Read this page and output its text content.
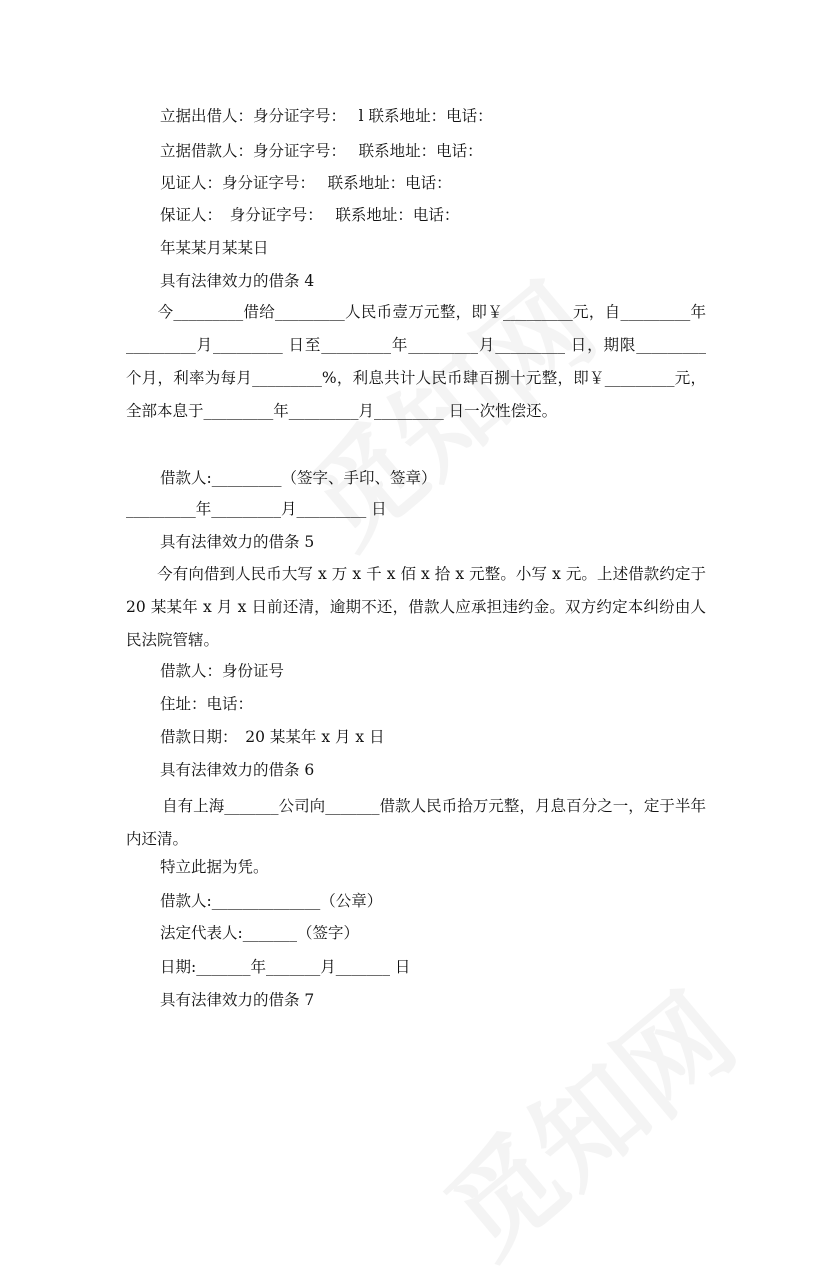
立据出借人：身分证字号：　 l 联系地址：电话：
立据借款人：身分证字号：　 联系地址：电话：
见证人：身分证字号：　 联系地址：电话：
保证人：　身分证字号：　 联系地址：电话：
年某某月某某日
具有法律效力的借条 4
　　今_________借给_________人民币壹万元整，即￥_________元，自_________年_________月_________ 日至_________年_________月_________ 日，期限_________个月，利率为每月_________%，利息共计人民币肆百捌十元整，即￥_________元，全部本息于_________年_________月_________ 日一次性偿还。
借款人:_________（签字、手印、签章）
_________年_________月_________ 日
具有法律效力的借条 5
　　今有向借到人民币大写 x 万 x 千 x 佰 x 拾 x 元整。小写 x 元。上述借款约定于 20 某某年 x 月 x 日前还清，逾期不还，借款人应承担违约金。双方约定本纠纷由人民法院管辖。
借款人：身份证号
住址：电话：
借款日期：　20 某某年 x 月 x 日
具有法律效力的借条 6
　　 自有上海_______公司向_______借款人民币拾万元整，月息百分之一，定于半年内还清。
特立此据为凭。
借款人:______________（公章）
法定代表人:_______（签字）
日期:_______年_______月_______ 日
具有法律效力的借条 7
